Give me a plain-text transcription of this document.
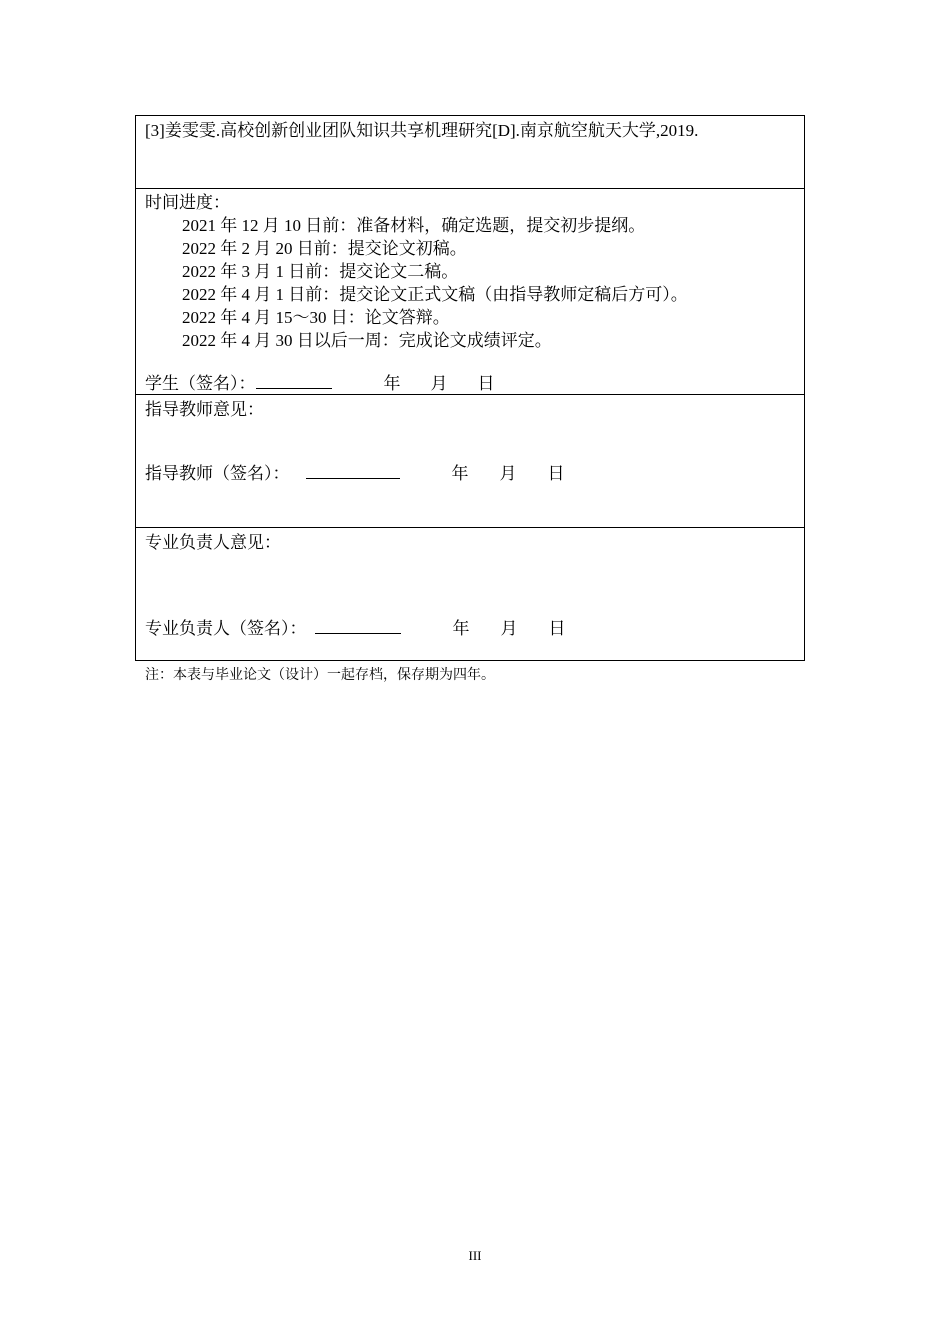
[3]姜雯雯.高校创新创业团队知识共享机理研究[D].南京航空航天大学,2019.
时间进度：
2021 年 12 月 10 日前：准备材料，确定选题，提交初步提纲。
2022 年 2 月 20 日前：提交论文初稿。
2022 年 3 月 1 日前：提交论文二稿。
2022 年 4 月 1 日前：提交论文正式文稿（由指导教师定稿后方可）。
2022 年 4 月 15～30 日：论文答辩。
2022 年 4 月 30 日以后一周：完成论文成绩评定。
学生（签名）：	年 月 日
指导教师意见：
指导教师（签名）：	年 月 日
专业负责人意见：
专业负责人（签名）：	年 月 日
注：本表与毕业论文（设计）一起存档，保存期为四年。
III
